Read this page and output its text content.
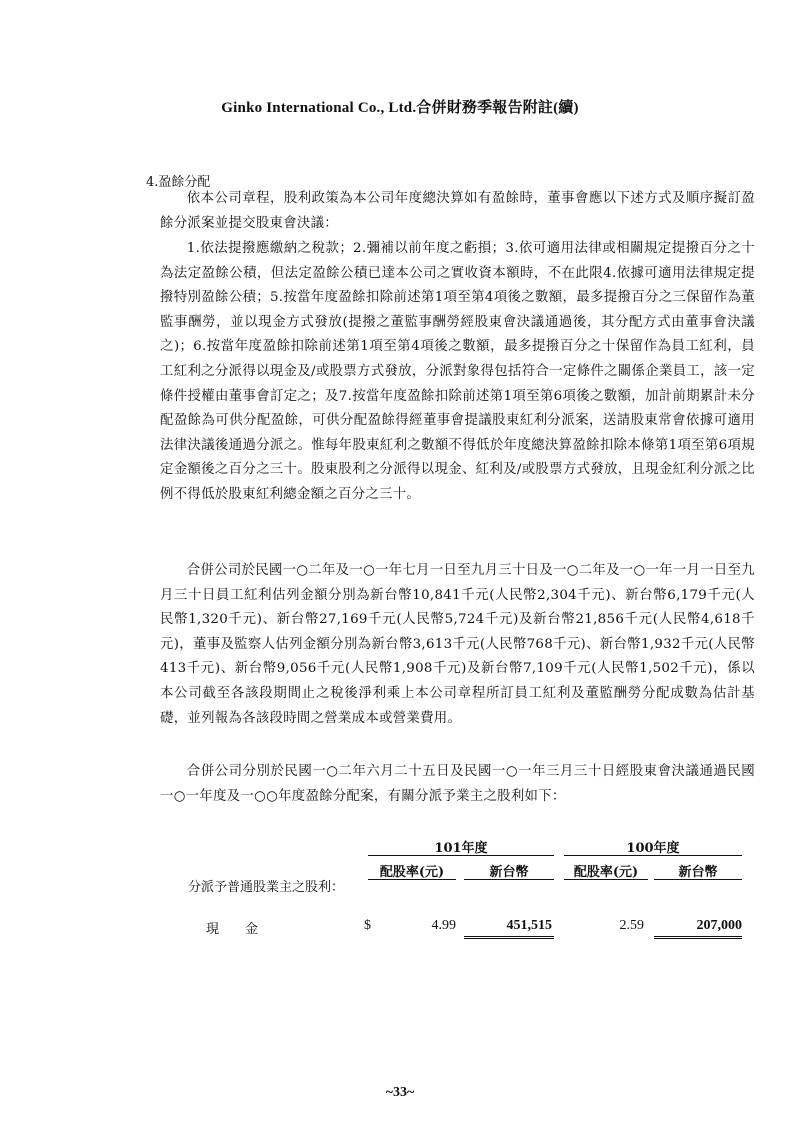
Ginko International Co., Ltd.合併財務季報告附註(續)
4.盈餘分配

依本公司章程，股利政策為本公司年度總決算如有盈餘時，董事會應以下述方式及順序擬訂盈餘分派案並提交股東會決議：

1.依法提撥應繳納之稅款；2.彌補以前年度之虧損；3.依可適用法律或相關規定提撥百分之十為法定盈餘公積，但法定盈餘公積已達本公司之實收資本額時，不在此限4.依據可適用法律規定提撥特別盈餘公積；5.按當年度盈餘扣除前述第1項至第4項後之數額，最多提撥百分之三保留作為董監事酬勞，並以現金方式發放(提撥之董監事酬勞經股東會決議通過後，其分配方式由董事會決議之)；6.按當年度盈餘扣除前述第1項至第4項後之數額，最多提撥百分之十保留作為員工紅利，員工紅利之分派得以現金及/或股票方式發放，分派對象得包括符合一定條件之關係企業員工，該一定條件授權由董事會訂定之；及7.按當年度盈餘扣除前述第1項至第6項後之數額，加計前期累計未分配盈餘為可供分配盈餘，可供分配盈餘得經董事會提議股東紅利分派案，送請股東常會依據可適用法律決議後通過分派之。惟每年股東紅利之數額不得低於年度總決算盈餘扣除本條第1項至第6項規定金額後之百分之三十。股東股利之分派得以現金、紅利及/或股票方式發放，且現金紅利分派之比例不得低於股東紅利總金額之百分之三十。

合併公司於民國一○二年及一○一年七月一日至九月三十日及一○二年及一○一年一月一日至九月三十日員工紅利估列金額分別為新台幣10,841千元(人民幣2,304千元)、新台幣6,179千元(人民幣1,320千元)、新台幣27,169千元(人民幣5,724千元)及新台幣21,856千元(人民幣4,618千元)，董事及監察人估列金額分別為新台幣3,613千元(人民幣768千元)、新台幣1,932千元(人民幣413千元)、新台幣9,056千元(人民幣1,908千元)及新台幣7,109千元(人民幣1,502千元)，係以本公司截至各該段期間止之稅後淨利乘上本公司章程所訂員工紅利及董監酬勞分配成數為估計基礎，並列報為各該段時間之營業成本或營業費用。

合併公司分別於民國一○二年六月二十五日及民國一○一年三月三十日經股東會決議通過民國一○一年度及一○○年度盈餘分配案，有關分派予業主之股利如下：

101年度	100年度
配股率(元)	新台幣	配股率(元)	新台幣
分派予普通股業主之股利：
現　　金	$	4.99	451,515	2.59	207,000
~33~
